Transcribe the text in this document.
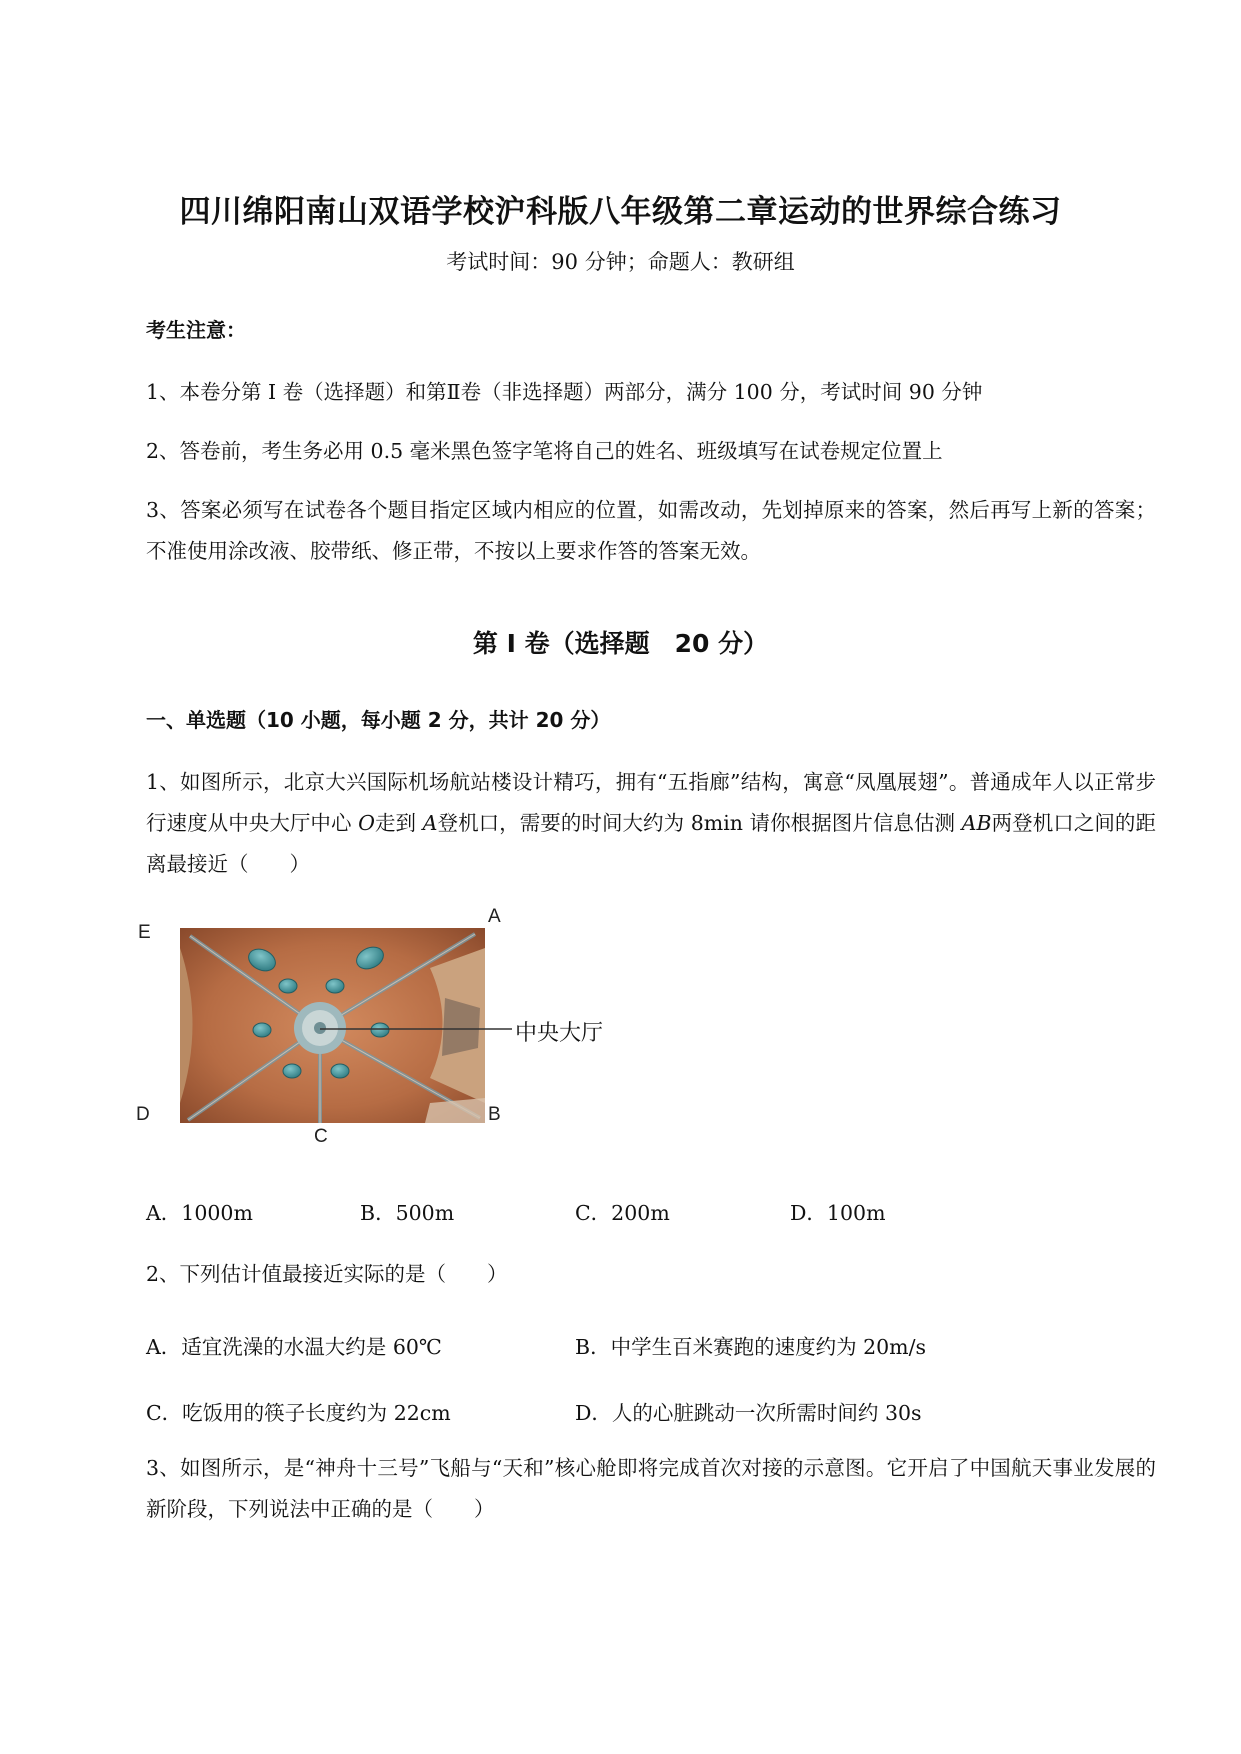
四川绵阳南山双语学校沪科版八年级第二章运动的世界综合练习
考试时间：90 分钟；命题人：教研组
考生注意：
1、本卷分第 I 卷（选择题）和第Ⅱ卷（非选择题）两部分，满分 100 分，考试时间 90 分钟
2、答卷前，考生务必用 0.5 毫米黑色签字笔将自己的姓名、班级填写在试卷规定位置上
3、答案必须写在试卷各个题目指定区域内相应的位置，如需改动，先划掉原来的答案，然后再写上新的答案；不准使用涂改液、胶带纸、修正带，不按以上要求作答的答案无效。
第 I 卷（选择题　20 分）
一、单选题（10 小题，每小题 2 分，共计 20 分）
1、如图所示，北京大兴国际机场航站楼设计精巧，拥有“五指廊”结构，寓意“凤凰展翅”。普通成年人以正常步行速度从中央大厅中心 O走到 A登机口，需要的时间大约为 8min 请你根据图片信息估测 AB两登机口之间的距离最接近（　　）
E
A
D	B
C
中央大厅
A．1000m	B．500m	C．200m	D．100m
2、下列估计值最接近实际的是（　　）
A．适宜洗澡的水温大约是 60℃	B．中学生百米赛跑的速度约为 20m/s
C．吃饭用的筷子长度约为 22cm	D．人的心脏跳动一次所需时间约 30s
3、如图所示，是“神舟十三号”飞船与“天和”核心舱即将完成首次对接的示意图。它开启了中国航天事业发展的新阶段，下列说法中正确的是（　　）
